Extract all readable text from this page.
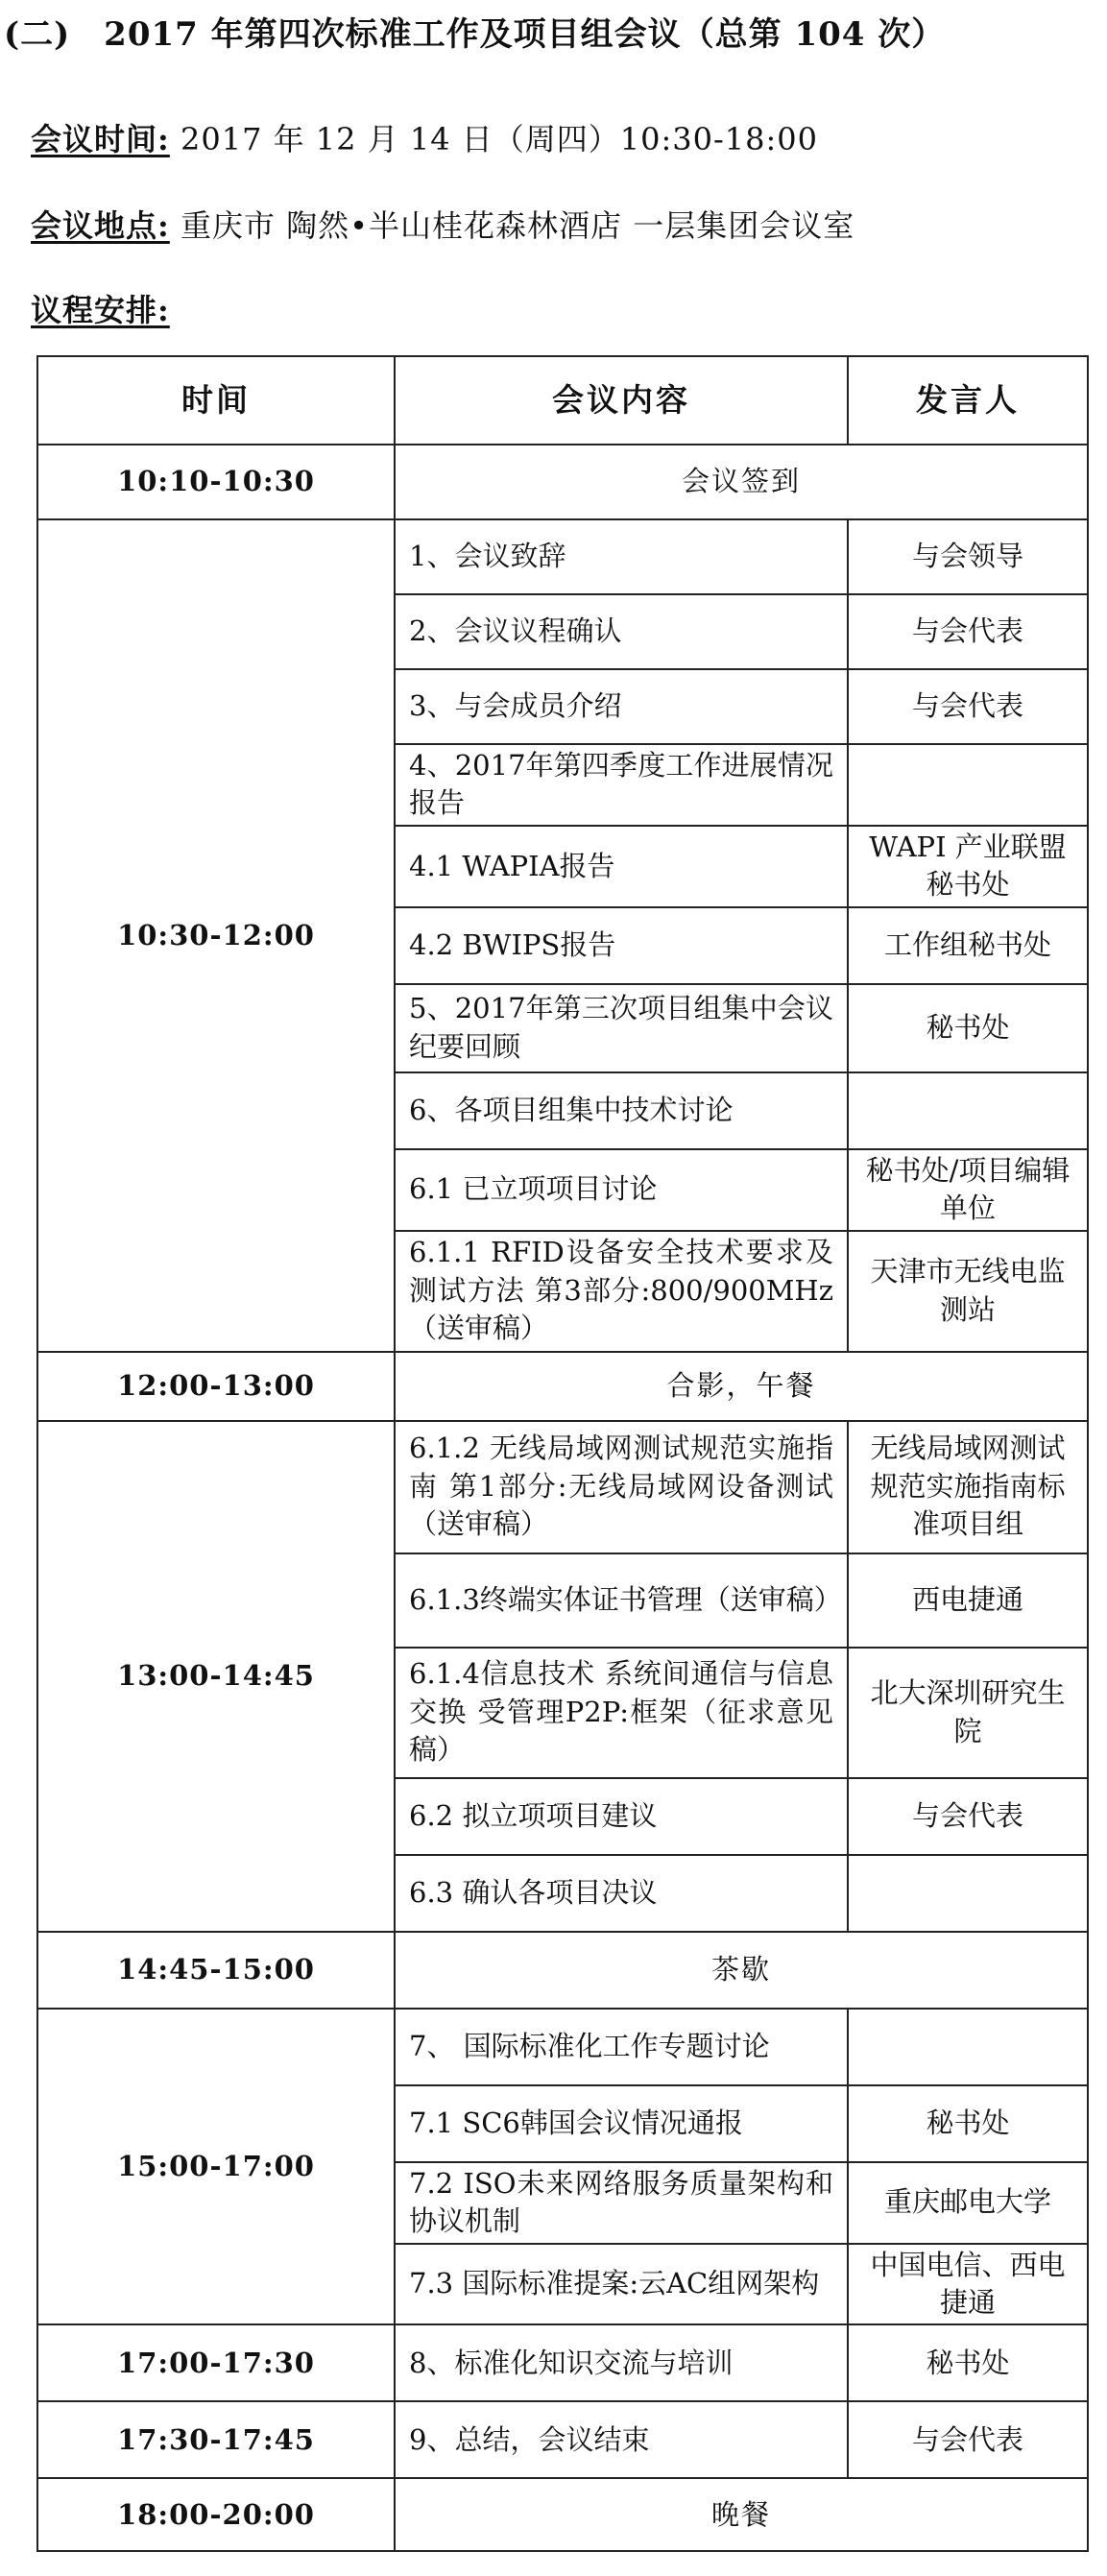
(二)　2017 年第四次标准工作及项目组会议（总第 104 次）
会议时间: 2017 年 12 月 14 日（周四）10:30-18:00
会议地点: 重庆市 陶然•半山桂花森林酒店 一层集团会议室
议程安排:
时间	会议内容	发言人
10:10-10:30	会议签到	
10:30-12:00	1、会议致辞	与会领导
	2、会议议程确认	与会代表
	3、与会成员介绍	与会代表
	4、2017年第四季度工作进展情况报告	
	4.1 WAPIA报告	WAPI 产业联盟秘书处
	4.2 BWIPS报告	工作组秘书处
	5、2017年第三次项目组集中会议纪要回顾	秘书处
	6、各项目组集中技术讨论	
	6.1 已立项项目讨论	秘书处/项目编辑单位
	6.1.1 RFID设备安全技术要求及测试方法 第3部分:800/900MHz（送审稿）	天津市无线电监测站
12:00-13:00	合影，午餐	
13:00-14:45	6.1.2 无线局域网测试规范实施指南 第1部分:无线局域网设备测试（送审稿）	无线局域网测试规范实施指南标准项目组
	6.1.3终端实体证书管理（送审稿）	西电捷通
	6.1.4信息技术 系统间通信与信息交换 受管理P2P:框架（征求意见稿）	北大深圳研究生院
	6.2 拟立项项目建议	与会代表
	6.3 确认各项目决议	
14:45-15:00	茶歇	
15:00-17:00	7、 国际标准化工作专题讨论	
	7.1 SC6韩国会议情况通报	秘书处
	7.2 ISO未来网络服务质量架构和协议机制	重庆邮电大学
	7.3 国际标准提案:云AC组网架构	中国电信、西电捷通
17:00-17:30	8、标准化知识交流与培训	秘书处
17:30-17:45	9、总结，会议结束	与会代表
18:00-20:00	晚餐	
